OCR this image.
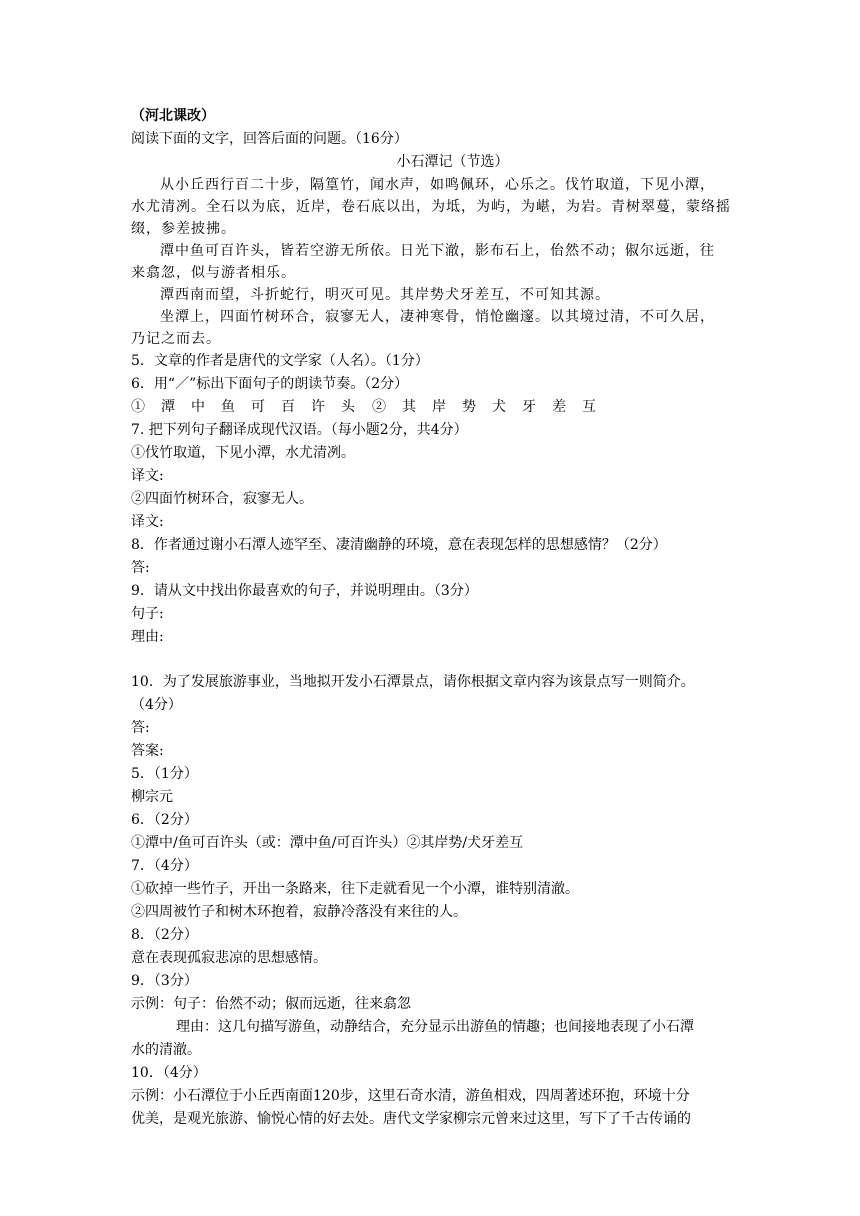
（河北课改）
阅读下面的文字，回答后面的问题。（16分）
小石潭记（节选）
从小丘西行百二十步，隔篁竹，闻水声，如鸣佩环，心乐之。伐竹取道，下见小潭，
水尤清冽。全石以为底，近岸，卷石底以出，为坻，为屿，为嵁，为岩。青树翠蔓，蒙络摇
缀，参差披拂。
潭中鱼可百许头，皆若空游无所依。日光下澈，影布石上，佁然不动；俶尔远逝，往
来翕忽，似与游者相乐。
潭西南而望，斗折蛇行，明灭可见。其岸势犬牙差互，不可知其源。
坐潭上，四面竹树环合，寂寥无人，凄神寒骨，悄怆幽邃。以其境过清，不可久居，
乃记之而去。
5．文章的作者是唐代的文学家（人名）。（1分）
6．用“／”标出下面句子的朗读节奏。（2分）
①潭中鱼可百许头 ②其岸势犬牙差互
7. 把下列句子翻译成现代汉语。（每小题2分，共4分）
①伐竹取道，下见小潭，水尤清冽。
译文:
②四面竹树环合，寂寥无人。
译文:
8．作者通过谢小石潭人迹罕至、凄清幽静的环境，意在表现怎样的思想感情？（2分）
答:
9．请从文中找出你最喜欢的句子，并说明理由。（3分）
句子:
理由:
10．为了发展旅游事业，当地拟开发小石潭景点，请你根据文章内容为该景点写一则简介。
（4分）
答:
答案:
5．（1分）
柳宗元
6．（2分）
①潭中/鱼可百许头（或：潭中鱼/可百许头）②其岸势/犬牙差互
7．（4分）
①砍掉一些竹子，开出一条路来，往下走就看见一个小潭，谁特别清澈。
②四周被竹子和树木环抱着，寂静冷落没有来往的人。
8．（2分）
意在表现孤寂悲凉的思想感情。
9．（3分）
示例：句子：佁然不动；俶而远逝，往来翕忽
理由：这几句描写游鱼，动静结合，充分显示出游鱼的情趣；也间接地表现了小石潭
水的清澈。
10．（4分）
示例：小石潭位于小丘西南面120步，这里石奇水清，游鱼相戏，四周著述环抱，环境十分
优美，是观光旅游、愉悦心情的好去处。唐代文学家柳宗元曾来过这里，写下了千古传诵的
